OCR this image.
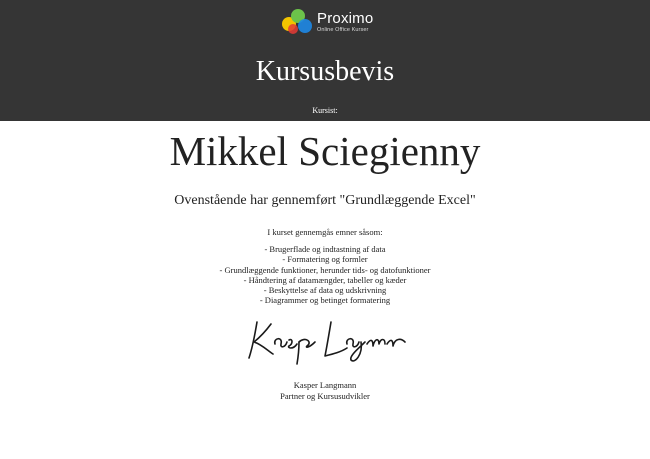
Proximo
Online Office Kurser
Kursusbevis
Kursist:
Mikkel Sciegienny
Ovenstående har gennemført "Grundlæggende Excel"
I kurset gennemgås emner såsom:
- Brugerflade og indtastning af data
- Formatering og formler
- Grundlæggende funktioner, herunder tids- og datofunktioner
- Håndtering af datamængder, tabeller og kæder
- Beskyttelse af data og udskrivning
- Diagrammer og betinget formatering
Kasper Langmann
Partner og Kursusudvikler
